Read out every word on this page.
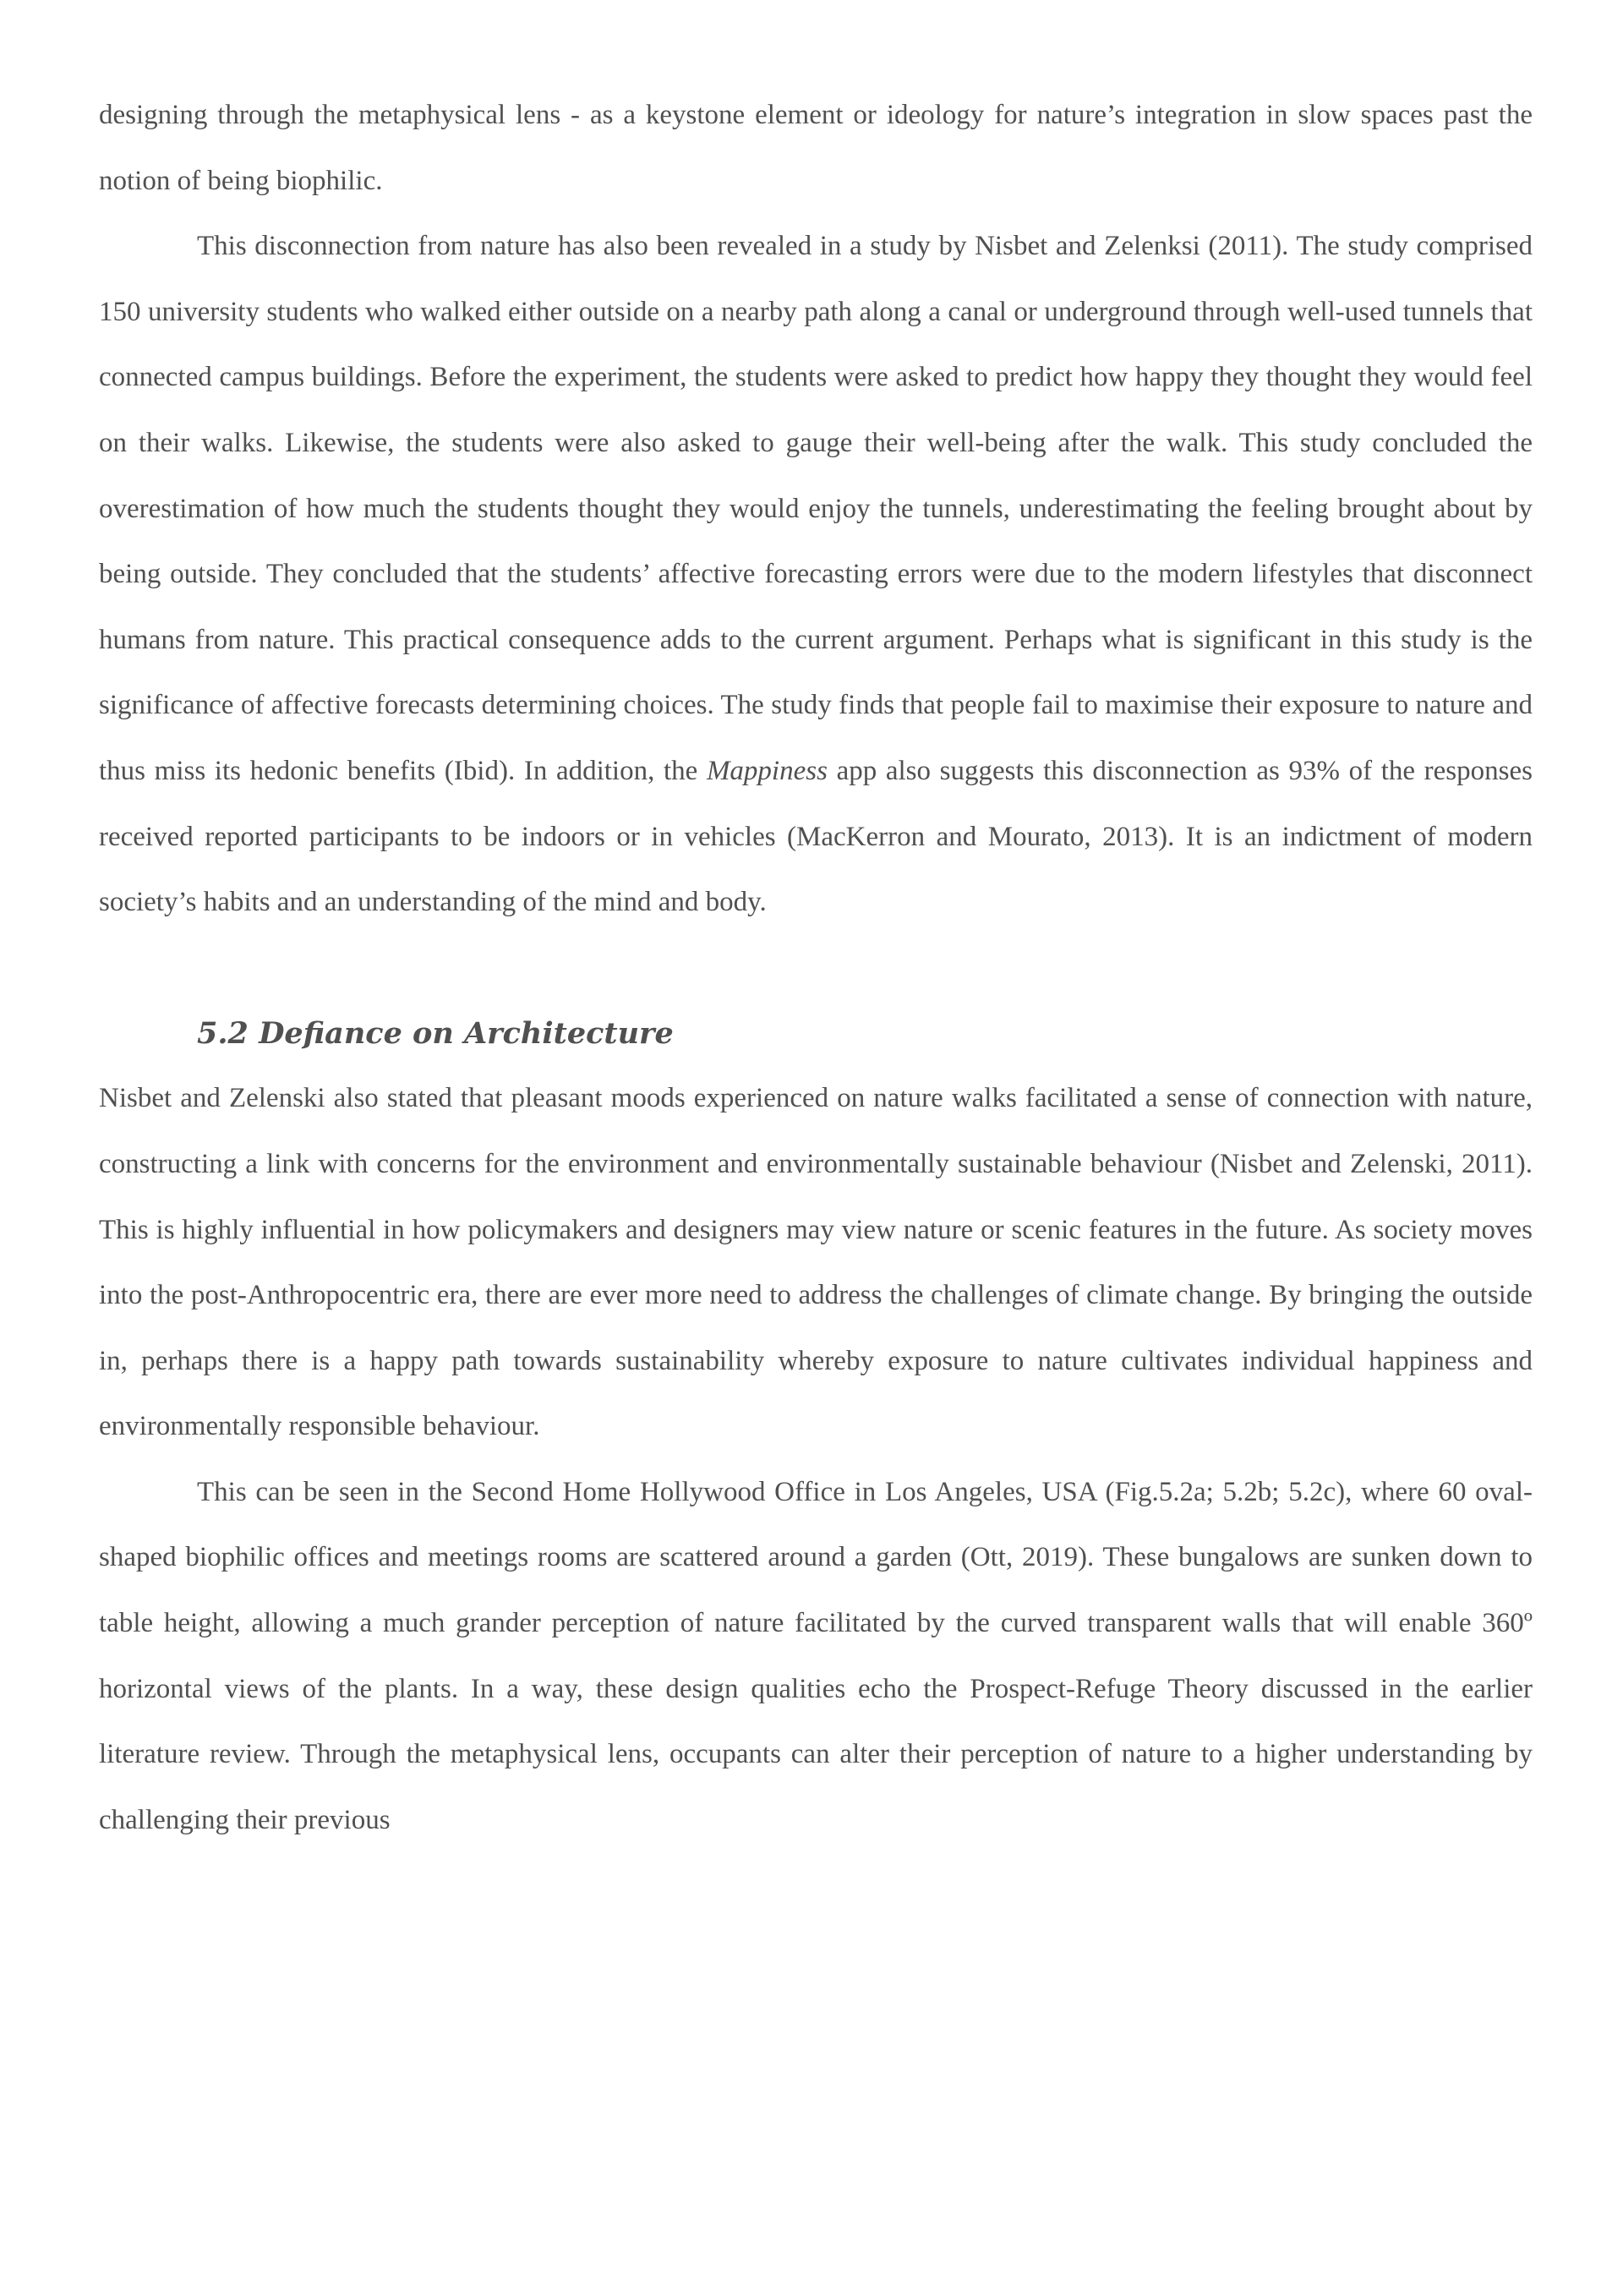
designing through the metaphysical lens - as a keystone element or ideology for nature’s integration in slow spaces past the notion of being biophilic.

This disconnection from nature has also been revealed in a study by Nisbet and Zelenksi (2011). The study comprised 150 university students who walked either outside on a nearby path along a canal or underground through well-used tunnels that connected campus buildings. Before the experiment, the students were asked to predict how happy they thought they would feel on their walks. Likewise, the students were also asked to gauge their well-being after the walk. This study concluded the overestimation of how much the students thought they would enjoy the tunnels, underestimating the feeling brought about by being outside. They concluded that the students’ affective forecasting errors were due to the modern lifestyles that disconnect humans from nature. This practical consequence adds to the current argument. Perhaps what is significant in this study is the significance of affective forecasts determining choices. The study finds that people fail to maximise their exposure to nature and thus miss its hedonic benefits (Ibid). In addition, the Mappiness app also suggests this disconnection as 93% of the responses received reported participants to be indoors or in vehicles (MacKerron and Mourato, 2013). It is an indictment of modern society’s habits and an understanding of the mind and body.

5.2 Defiance on Architecture

Nisbet and Zelenski also stated that pleasant moods experienced on nature walks facilitated a sense of connection with nature, constructing a link with concerns for the environment and environmentally sustainable behaviour (Nisbet and Zelenski, 2011). This is highly influential in how policymakers and designers may view nature or scenic features in the future. As society moves into the post-Anthropocentric era, there are ever more need to address the challenges of climate change. By bringing the outside in, perhaps there is a happy path towards sustainability whereby exposure to nature cultivates individual happiness and environmentally responsible behaviour.

This can be seen in the Second Home Hollywood Office in Los Angeles, USA (Fig.5.2a; 5.2b; 5.2c), where 60 oval-shaped biophilic offices and meetings rooms are scattered around a garden (Ott, 2019). These bungalows are sunken down to table height, allowing a much grander perception of nature facilitated by the curved transparent walls that will enable 360º horizontal views of the plants. In a way, these design qualities echo the Prospect-Refuge Theory discussed in the earlier literature review. Through the metaphysical lens, occupants can alter their perception of nature to a higher understanding by challenging their previous
